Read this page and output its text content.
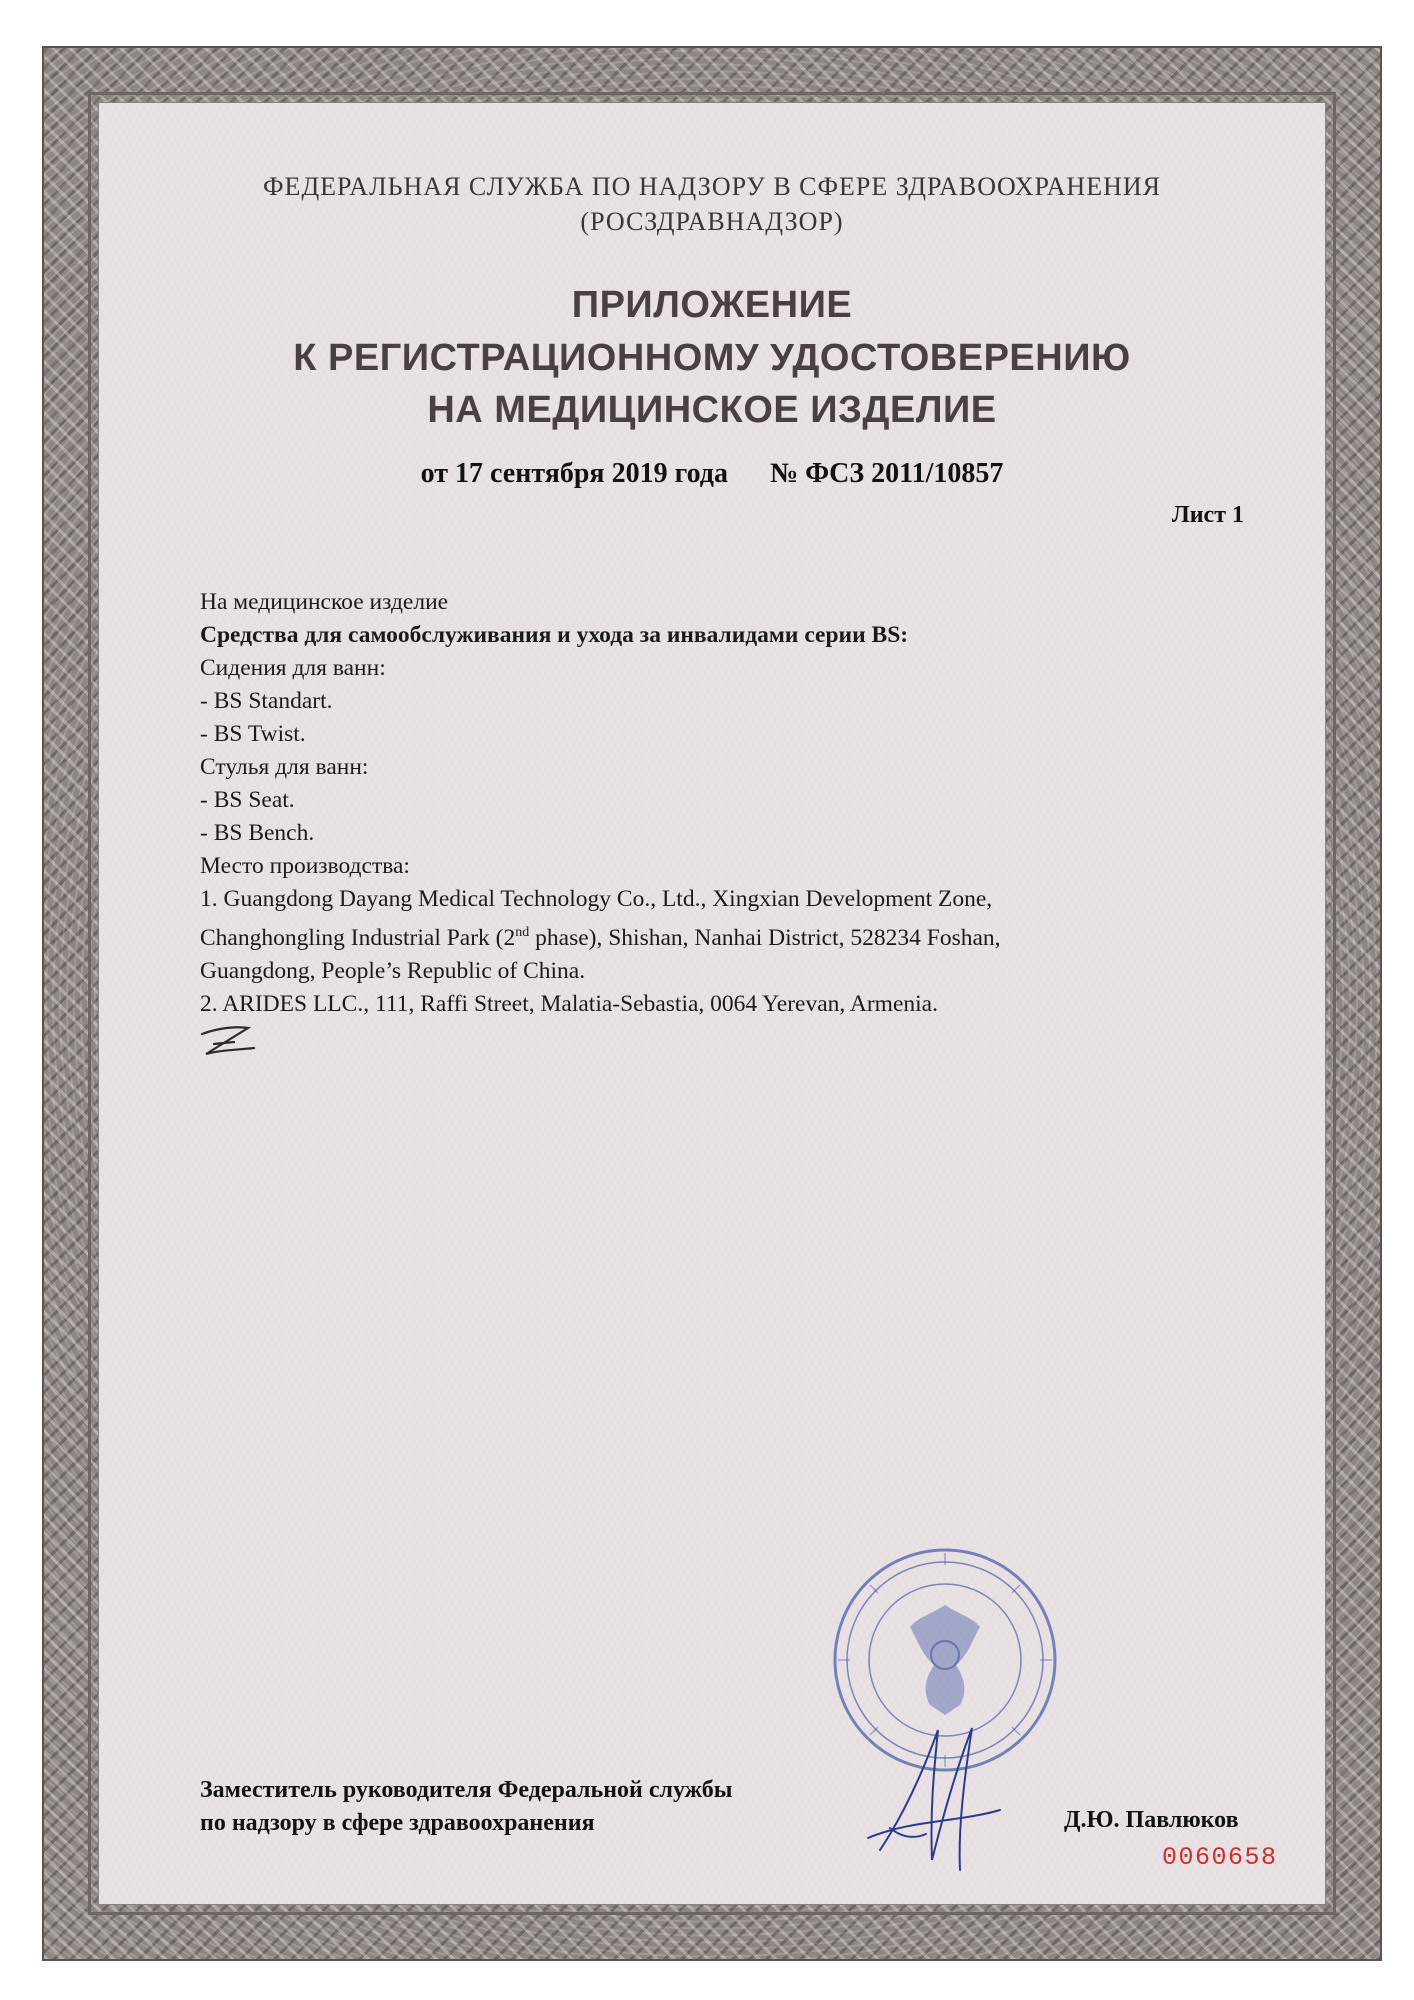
ФЕДЕРАЛЬНАЯ СЛУЖБА ПО НАДЗОРУ В СФЕРЕ ЗДРАВООХРАНЕНИЯ
(РОСЗДРАВНАДЗОР)
ПРИЛОЖЕНИЕ
К РЕГИСТРАЦИОННОМУ УДОСТОВЕРЕНИЮ
НА МЕДИЦИНСКОЕ ИЗДЕЛИЕ
от 17 сентября 2019 года № ФСЗ 2011/10857
Лист 1
На медицинское изделие
Средства для самообслуживания и ухода за инвалидами серии BS:
Сидения для ванн:
- BS Standart.
- BS Twist.
Стулья для ванн:
- BS Seat.
- BS Bench.
Место производства:
1. Guangdong Dayang Medical Technology Co., Ltd., Xingxian Development Zone,
Changhongling Industrial Park (2nd phase), Shishan, Nanhai District, 528234 Foshan,
Guangdong, People’s Republic of China.
2. ARIDES LLC., 111, Raffi Street, Malatia-Sebastia, 0064 Yerevan, Armenia.
Заместитель руководителя Федеральной службы
по надзору в сфере здравоохранения	Д.Ю. Павлюков
0060658
